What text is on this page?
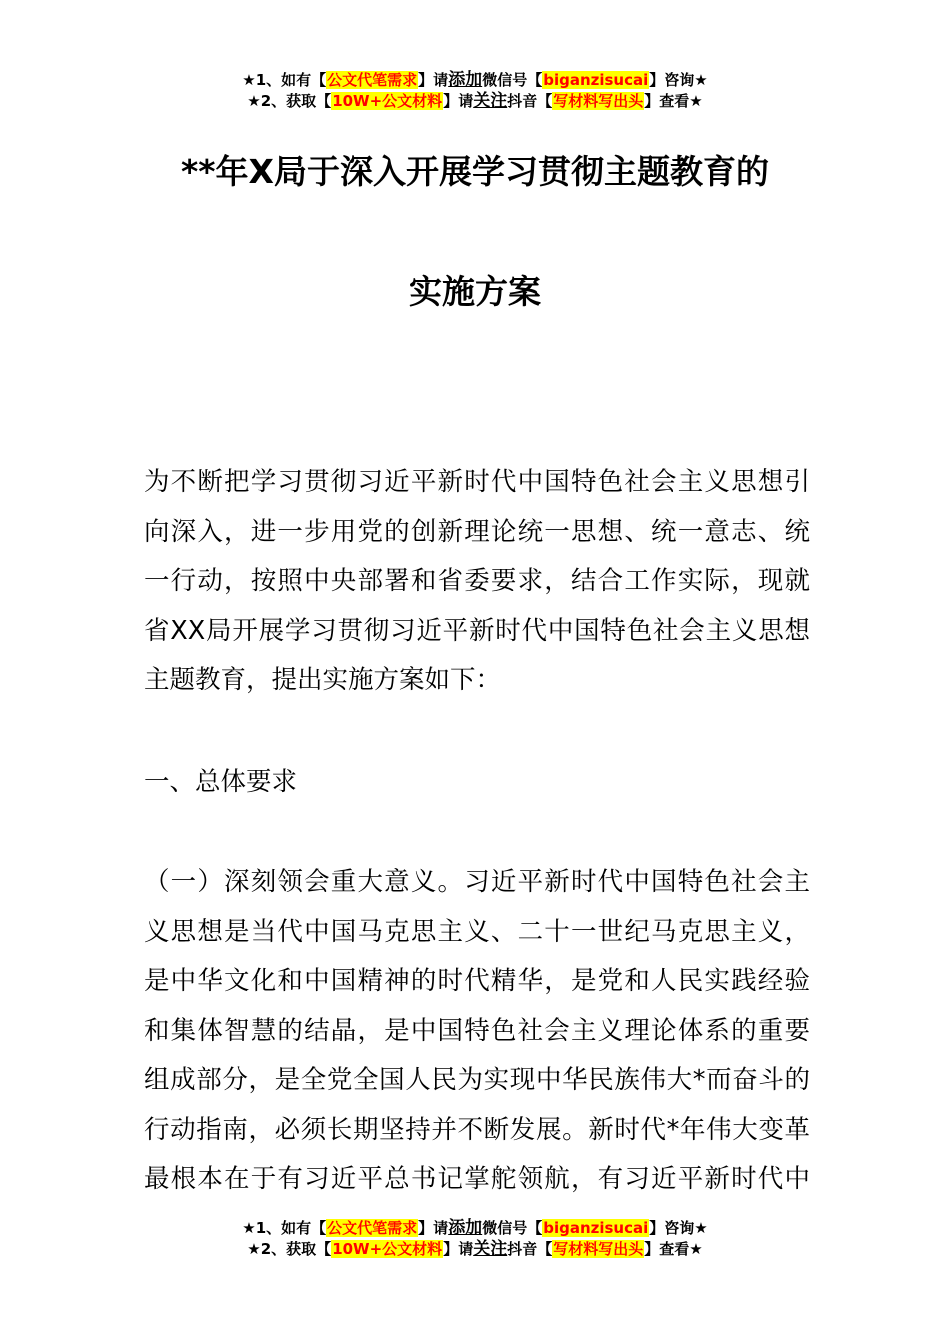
★1、如有【公文代笔需求】请添加微信号【biganzisucai】咨询★
★2、获取【10W+公文材料】请关注抖音【写材料写出头】查看★
**年X局于深入开展学习贯彻主题教育的
实施方案
为不断把学习贯彻习近平新时代中国特色社会主义思想引
向深入，进一步用党的创新理论统一思想、统一意志、统
一行动，按照中央部署和省委要求，结合工作实际，现就
省XX局开展学习贯彻习近平新时代中国特色社会主义思想
主题教育，提出实施方案如下：
一、总体要求
（一）深刻领会重大意义。习近平新时代中国特色社会主
义思想是当代中国马克思主义、二十一世纪马克思主义，
是中华文化和中国精神的时代精华，是党和人民实践经验
和集体智慧的结晶，是中国特色社会主义理论体系的重要
组成部分，是全党全国人民为实现中华民族伟大*而奋斗的
行动指南，必须长期坚持并不断发展。新时代*年伟大变革
最根本在于有习近平总书记掌舵领航，有习近平新时代中
★1、如有【公文代笔需求】请添加微信号【biganzisucai】咨询★
★2、获取【10W+公文材料】请关注抖音【写材料写出头】查看★
